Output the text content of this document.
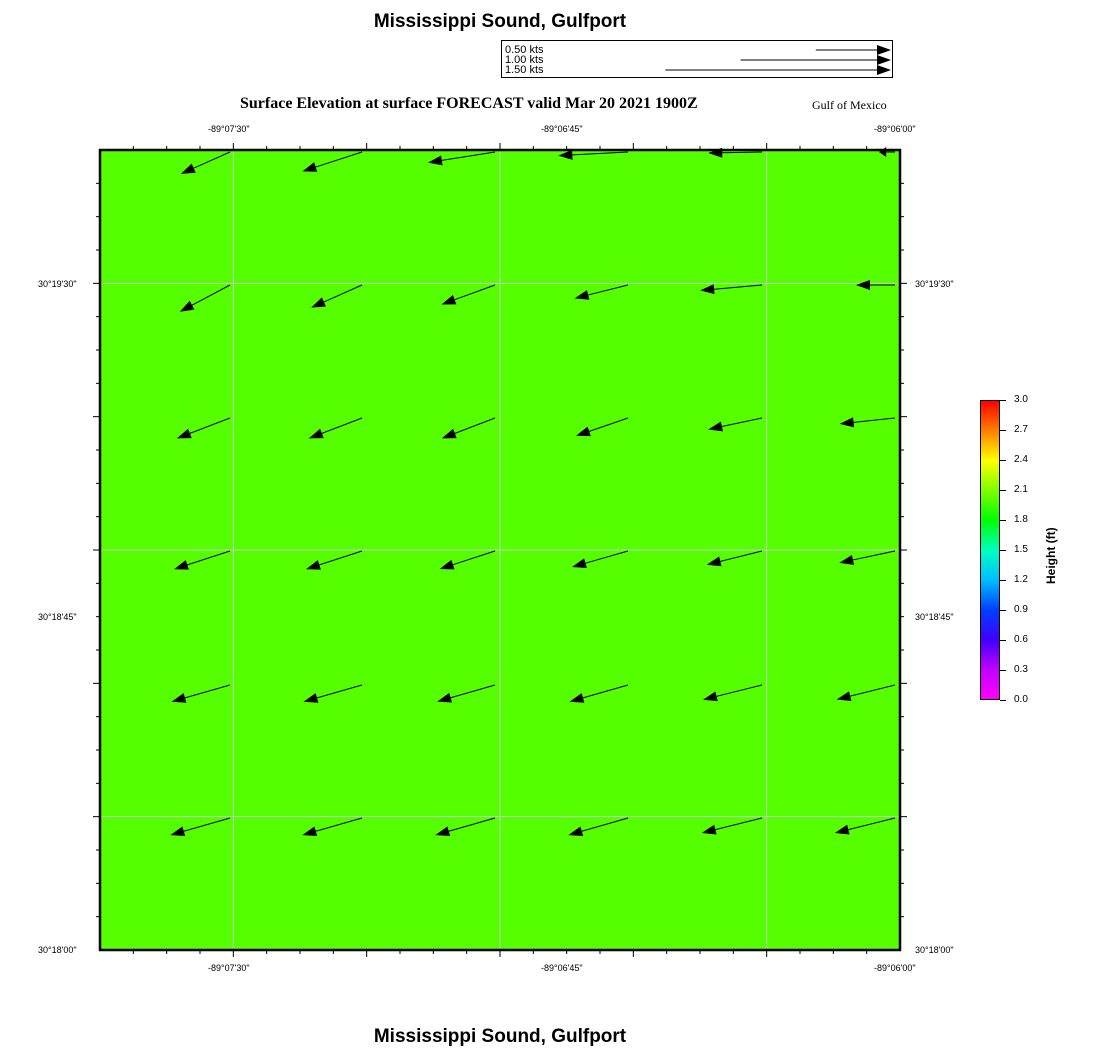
Mississippi Sound, Gulfport
Surface Elevation at surface FORECAST valid Mar 20 2021 1900Z	Gulf of Mexico
0.50 kts
1.00 kts
1.50 kts
-89°07'30"	-89°06'45"	-89°06'00"
-89°07'30"	-89°06'45"	-89°06'00"
30°19'30"
30°18'45"
30°18'00"
30°19'30"
30°18'45"
30°18'00"
3.0
2.7
2.4
2.1
1.8
1.5
1.2
0.9
0.6
0.3
0.0
Height (ft)
Mississippi Sound, Gulfport
